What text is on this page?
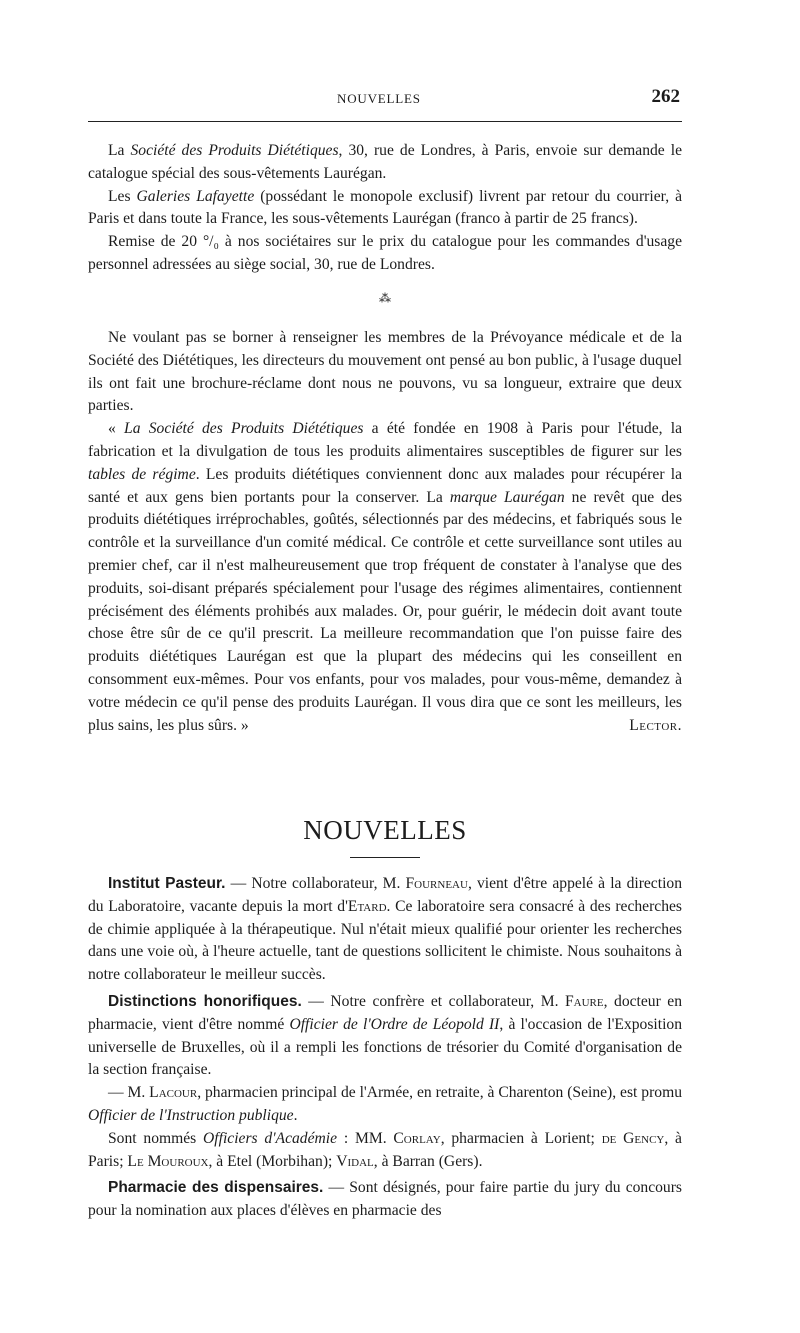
NOUVELLES	262

La Société des Produits Diététiques, 30, rue de Londres, à Paris, envoie sur demande le catalogue spécial des sous-vêtements Laurégan.

Les Galeries Lafayette (possédant le monopole exclusif) livrent par retour du courrier, à Paris et dans toute la France, les sous-vêtements Laurégan (franco à partir de 25 francs).

Remise de 20 °/₀ à nos sociétaires sur le prix du catalogue pour les commandes d'usage personnel adressées au siège social, 30, rue de Londres.

⁂

Ne voulant pas se borner à renseigner les membres de la Prévoyance médicale et de la Société des Diététiques, les directeurs du mouvement ont pensé au bon public, à l'usage duquel ils ont fait une brochure-réclame dont nous ne pouvons, vu sa longueur, extraire que deux parties.

« La Société des Produits Diététiques a été fondée en 1908 à Paris pour l'étude, la fabrication et la divulgation de tous les produits alimentaires susceptibles de figurer sur les tables de régime. Les produits diététiques conviennent donc aux malades pour récupérer la santé et aux gens bien portants pour la conserver. La marque Laurégan ne revêt que des produits diététiques irréprochables, goûtés, sélectionnés par des médecins, et fabriqués sous le contrôle et la surveillance d'un comité médical. Ce contrôle et cette surveillance sont utiles au premier chef, car il n'est malheureusement que trop fréquent de constater à l'analyse que des produits, soi-disant préparés spécialement pour l'usage des régimes alimentaires, contiennent précisément des éléments prohibés aux malades. Or, pour guérir, le médecin doit avant toute chose être sûr de ce qu'il prescrit. La meilleure recommandation que l'on puisse faire des produits diététiques Laurégan est que la plupart des médecins qui les conseillent en consomment eux-mêmes. Pour vos enfants, pour vos malades, pour vous-même, demandez à votre médecin ce qu'il pense des produits Laurégan. Il vous dira que ce sont les meilleurs, les plus sains, les plus sûrs. »	Lector.

NOUVELLES

Institut Pasteur. — Notre collaborateur, M. Fourneau, vient d'être appelé à la direction du Laboratoire, vacante depuis la mort d'Etard. Ce laboratoire sera consacré à des recherches de chimie appliquée à la thérapeutique. Nul n'était mieux qualifié pour orienter les recherches dans une voie où, à l'heure actuelle, tant de questions sollicitent le chimiste. Nous souhaitons à notre collaborateur le meilleur succès.

Distinctions honorifiques. — Notre confrère et collaborateur, M. Faure, docteur en pharmacie, vient d'être nommé Officier de l'Ordre de Léopold II, à l'occasion de l'Exposition universelle de Bruxelles, où il a rempli les fonctions de trésorier du Comité d'organisation de la section française.

— M. Lacour, pharmacien principal de l'Armée, en retraite, à Charenton (Seine), est promu Officier de l'Instruction publique.

Sont nommés Officiers d'Académie : MM. Corlay, pharmacien à Lorient; de Gency, à Paris; Le Mouroux, à Etel (Morbihan); Vidal, à Barran (Gers).

Pharmacie des dispensaires. — Sont désignés, pour faire partie du jury du concours pour la nomination aux places d'élèves en pharmacie des
